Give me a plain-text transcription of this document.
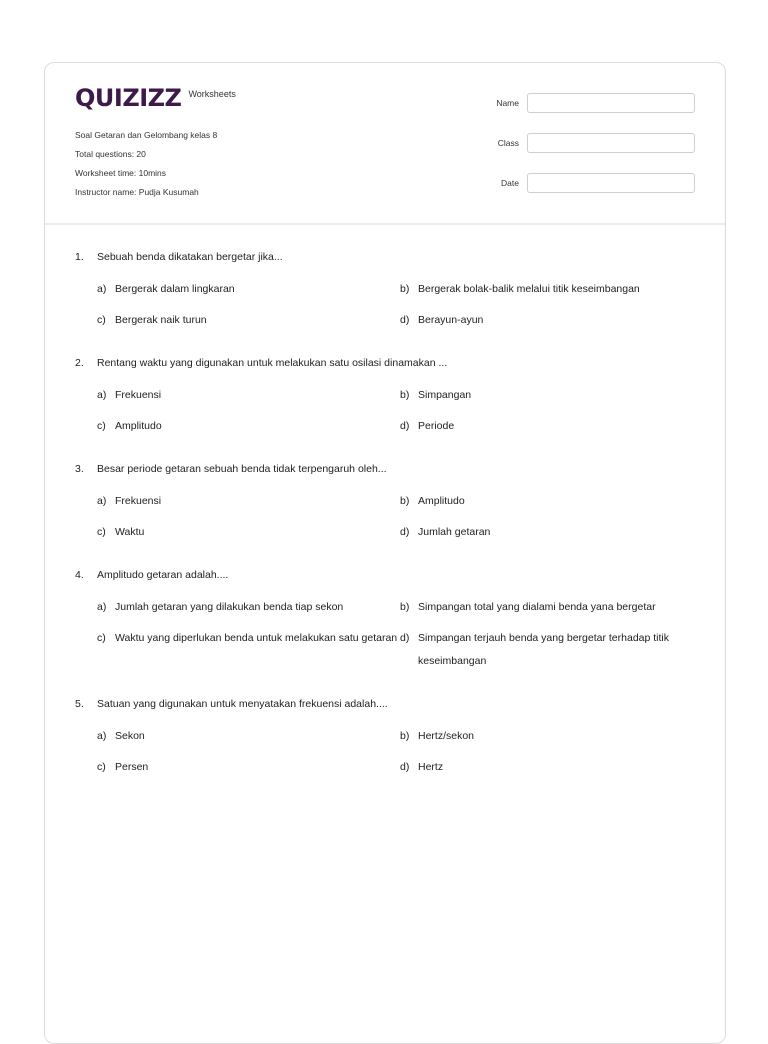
QUIZIZZ Worksheets
Soal Getaran dan Gelombang kelas 8
Total questions: 20
Worksheet time: 10mins
Instructor name: Pudja Kusumah
Name
Class
Date
1.	Sebuah benda dikatakan bergetar jika...
a) Bergerak dalam lingkaran	b) Bergerak bolak-balik melalui titik keseimbangan
c) Bergerak naik turun	d) Berayun-ayun
2.	Rentang waktu yang digunakan untuk melakukan satu osilasi dinamakan ...
a) Frekuensi	b) Simpangan
c) Amplitudo	d) Periode
3.	Besar periode getaran sebuah benda tidak terpengaruh oleh...
a) Frekuensi	b) Amplitudo
c) Waktu	d) Jumlah getaran
4.	Amplitudo getaran adalah....
a) Jumlah getaran yang dilakukan benda tiap sekon	b) Simpangan total yang dialami benda yana bergetar
c) Waktu yang diperlukan benda untuk melakukan satu getaran d) Simpangan terjauh benda yang bergetar terhadap titik keseimbangan
5.	Satuan yang digunakan untuk menyatakan frekuensi adalah....
a) Sekon	b) Hertz/sekon
c) Persen	d) Hertz
